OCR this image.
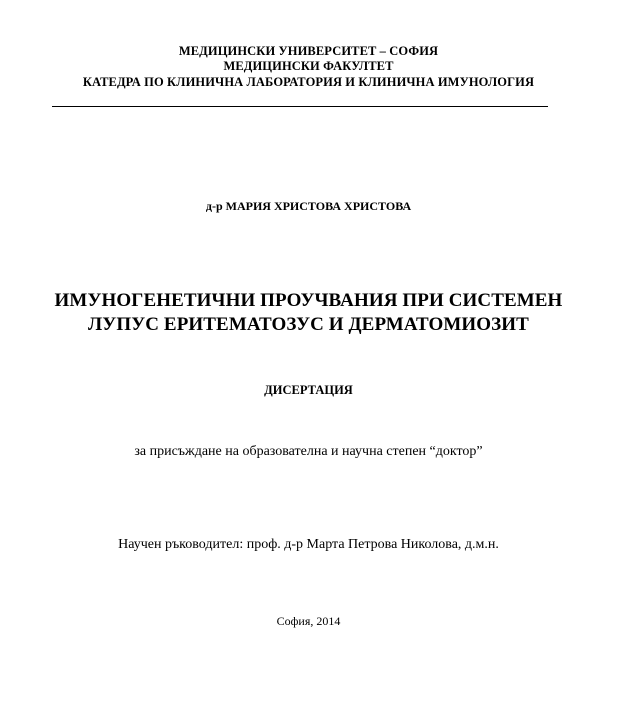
МЕДИЦИНСКИ УНИВЕРСИТЕТ – СОФИЯ
МЕДИЦИНСКИ ФАКУЛТЕТ
КАТЕДРА ПО КЛИНИЧНА ЛАБОРАТОРИЯ И КЛИНИЧНА ИМУНОЛОГИЯ
д-р МАРИЯ ХРИСТОВА ХРИСТОВА
ИМУНОГЕНЕТИЧНИ ПРОУЧВАНИЯ ПРИ СИСТЕМЕН
ЛУПУС ЕРИТЕМАТОЗУС И ДЕРМАТОМИОЗИТ
ДИСЕРТАЦИЯ
за присъждане на образователна и научна степен “доктор”
Научен ръководител: проф. д-р Марта Петрова Николова, д.м.н.
София, 2014
